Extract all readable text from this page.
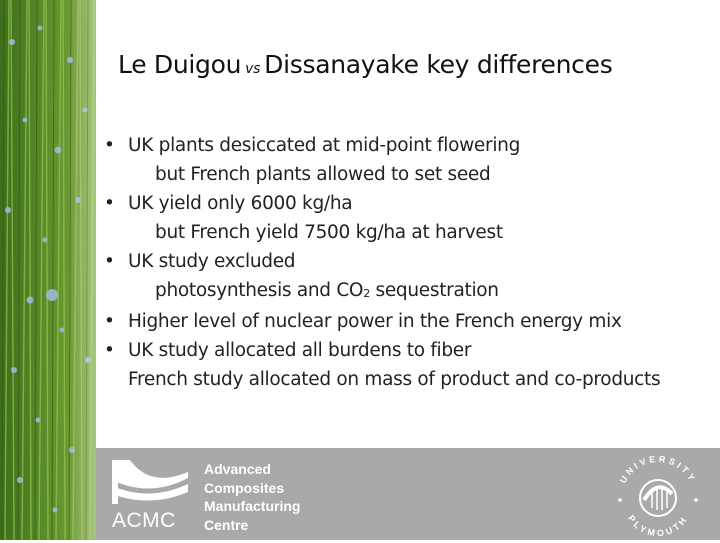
ACMC
Advanced
Composites
Manufacturing
Centre
UNIVERSITY
PLYMOUTH
Le Duigou vs Dissanayake key differences
• UK plants desiccated at mid-point flowering
but French plants allowed to set seed
• UK yield only 6000 kg/ha
but French yield 7500 kg/ha at harvest
• UK study excluded
photosynthesis and $CO_2$ sequestration
• Higher level of nuclear power in the French energy mix
• UK study allocated all burdens to fiber
French study allocated on mass of product and co-products
